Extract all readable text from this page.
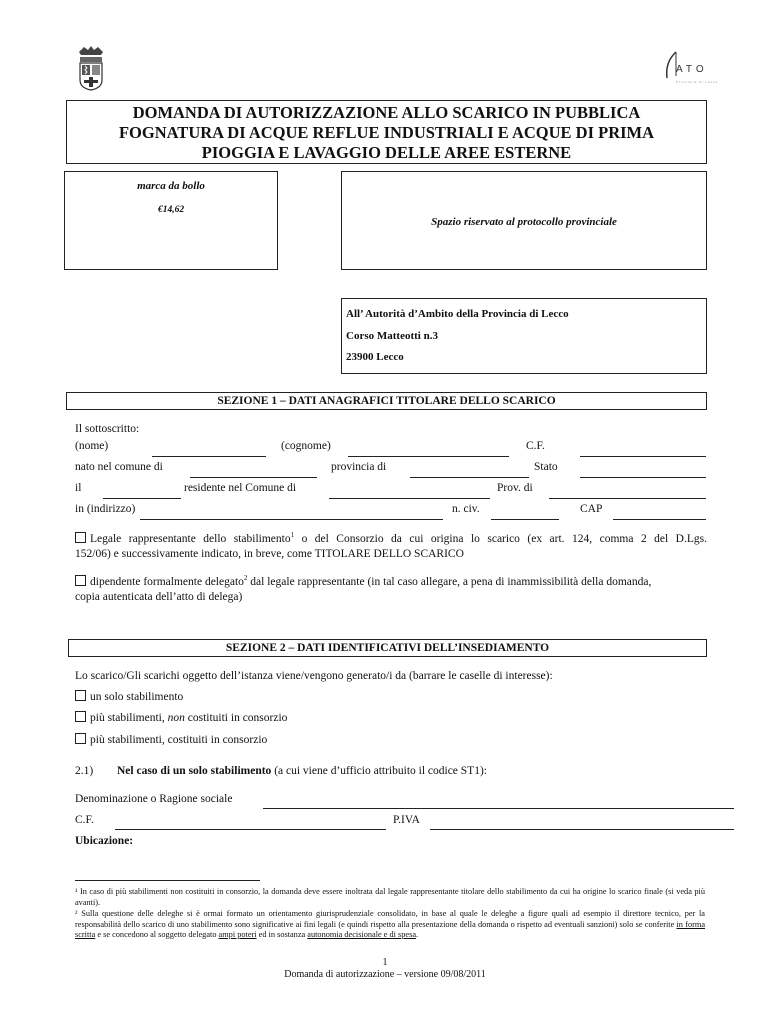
ATO
Provincia di Lecco
DOMANDA DI AUTORIZZAZIONE ALLO SCARICO IN PUBBLICA
FOGNATURA DI ACQUE REFLUE INDUSTRIALI E ACQUE DI PRIMA
PIOGGIA E LAVAGGIO DELLE AREE ESTERNE
marca da bollo
€14,62
Spazio riservato al protocollo provinciale
All’ Autorità d’Ambito della Provincia di Lecco
Corso Matteotti n.3
23900 Lecco
SEZIONE 1 – DATI ANAGRAFICI TITOLARE DELLO SCARICO
Il sottoscritto:
(nome)	(cognome)	C.F.
nato nel comune di	provincia di	Stato
il	residente nel Comune di	Prov. di
in (indirizzo)	n. civ.	CAP
Legale rappresentante dello stabilimento$^1$ o del Consorzio da cui origina lo scarico (ex art. 124, comma 2 del D.Lgs.
152/06) e successivamente indicato, in breve, come TITOLARE DELLO SCARICO
dipendente formalmente delegato$^2$ dal legale rappresentante (in tal caso allegare, a pena di inammissibilità della domanda,
copia autenticata dell’atto di delega)
SEZIONE 2 – DATI IDENTIFICATIVI DELL’INSEDIAMENTO
Lo scarico/Gli scarichi oggetto dell’istanza viene/vengono generato/i da (barrare le caselle di interesse):
un solo stabilimento
più stabilimenti, non costituiti in consorzio
più stabilimenti, costituiti in consorzio
2.1) Nel caso di un solo stabilimento (a cui viene d’ufficio attribuito il codice ST1):
Denominazione o Ragione sociale
C.F.	P.IVA
Ubicazione:
¹ In caso di più stabilimenti non costituiti in consorzio, la domanda deve essere inoltrata dal legale rappresentante titolare dello stabilimento da cui ha origine lo scarico finale (si veda più avanti).
² Sulla questione delle deleghe si è ormai formato un orientamento giurisprudenziale consolidato, in base al quale le deleghe a figure quali ad esempio il direttore tecnico, per la responsabilità dello scarico di uno stabilimento sono significative ai fini legali (e quindi rispetto alla presentazione della domanda o rispetto ad eventuali sanzioni) solo se conferite in forma scritta e se concedono al soggetto delegato ampi poteri ed in sostanza autonomia decisionale e di spesa.
1
Domanda di autorizzazione – versione 09/08/2011
